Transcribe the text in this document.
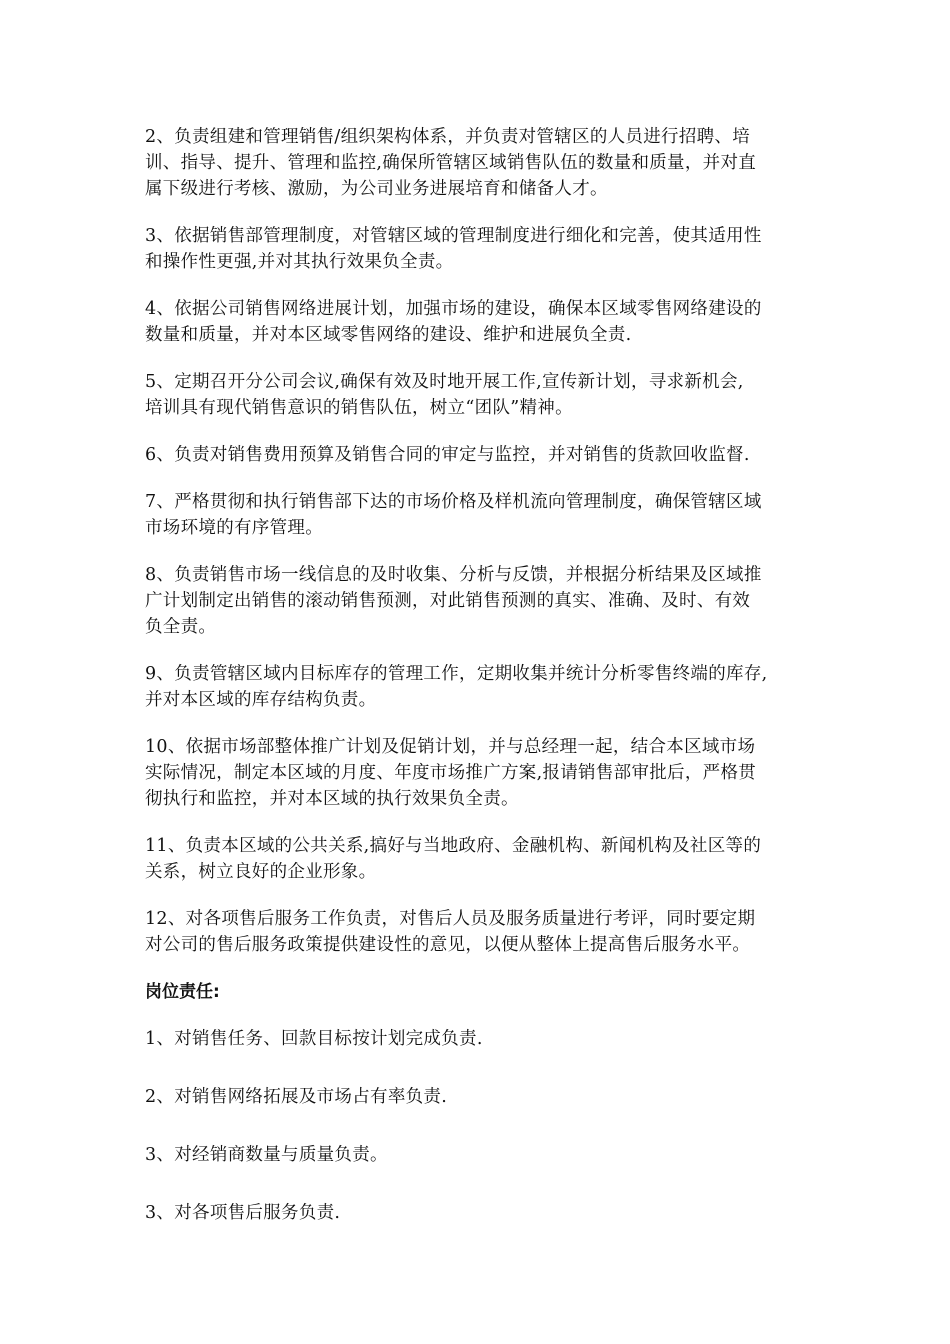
2、负责组建和管理销售/组织架构体系，并负责对管辖区的人员进行招聘、培
训、指导、提升、管理和监控,确保所管辖区域销售队伍的数量和质量，并对直
属下级进行考核、激励，为公司业务进展培育和储备人才。

3、依据销售部管理制度，对管辖区域的管理制度进行细化和完善，使其适用性
和操作性更强,并对其执行效果负全责。

4、依据公司销售网络进展计划，加强市场的建设，确保本区域零售网络建设的
数量和质量，并对本区域零售网络的建设、维护和进展负全责.

5、定期召开分公司会议,确保有效及时地开展工作,宣传新计划，寻求新机会,
培训具有现代销售意识的销售队伍，树立“团队”精神。

6、负责对销售费用预算及销售合同的审定与监控，并对销售的货款回收监督.

7、严格贯彻和执行销售部下达的市场价格及样机流向管理制度，确保管辖区域
市场环境的有序管理。

8、负责销售市场一线信息的及时收集、分析与反馈，并根据分析结果及区域推
广计划制定出销售的滚动销售预测，对此销售预测的真实、准确、及时、有效
负全责。

9、负责管辖区域内目标库存的管理工作，定期收集并统计分析零售终端的库存,
并对本区域的库存结构负责。

10、依据市场部整体推广计划及促销计划，并与总经理一起，结合本区域市场
实际情况，制定本区域的月度、年度市场推广方案,报请销售部审批后，严格贯
彻执行和监控，并对本区域的执行效果负全责。

11、负责本区域的公共关系,搞好与当地政府、金融机构、新闻机构及社区等的
关系，树立良好的企业形象。

12、对各项售后服务工作负责，对售后人员及服务质量进行考评，同时要定期
对公司的售后服务政策提供建设性的意见，以便从整体上提高售后服务水平。

岗位责任:

1、对销售任务、回款目标按计划完成负责.

2、对销售网络拓展及市场占有率负责.

3、对经销商数量与质量负责。

3、对各项售后服务负责.
